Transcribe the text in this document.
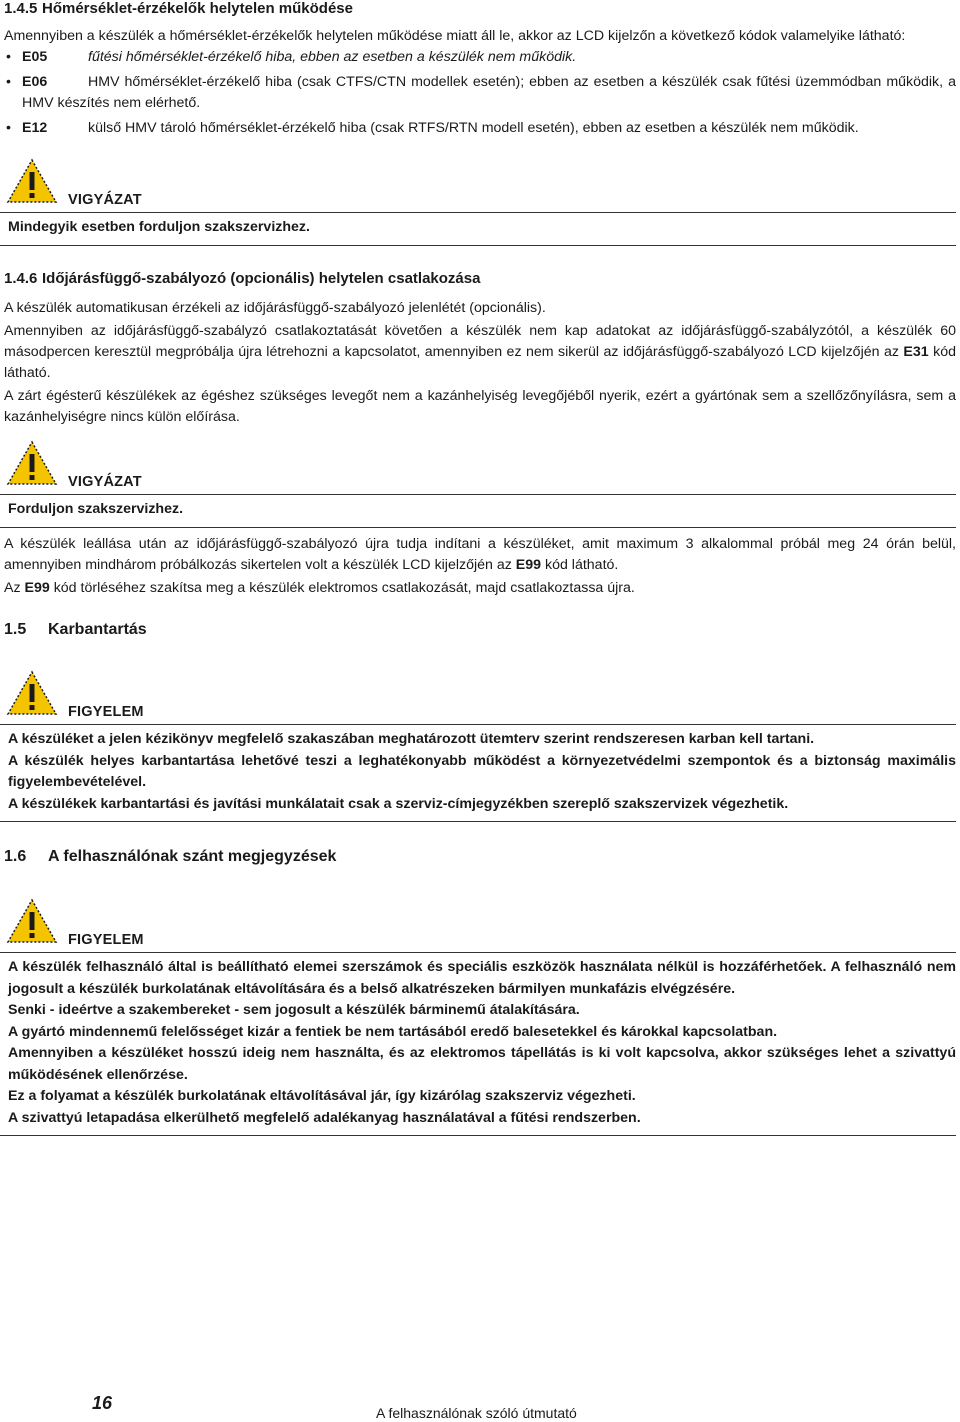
1.4.5 Hőmérséklet-érzékelők helytelen működése

Amennyiben a készülék a hőmérséklet-érzékelők helytelen működése miatt áll le, akkor az LCD kijelzőn a következő kódok valamelyike látható:

• E05	fűtési hőmérséklet-érzékelő hiba, ebben az esetben a készülék nem működik.
• E06	HMV hőmérséklet-érzékelő hiba (csak CTFS/CTN modellek esetén); ebben az esetben a készülék csak fűtési üzemmódban működik, a HMV készítés nem elérhető.
• E12	külső HMV tároló hőmérséklet-érzékelő hiba (csak RTFS/RTN modell esetén), ebben az esetben a készülék nem működik.
VIGYÁZAT

Mindegyik esetben forduljon szakszervizhez.

1.4.6 Időjárásfüggő-szabályozó (opcionális) helytelen csatlakozása

A készülék automatikusan érzékeli az időjárásfüggő-szabályozó jelenlétét (opcionális).

Amennyiben az időjárásfüggő-szabályzó csatlakoztatását követően a készülék nem kap adatokat az időjárásfüggő-szabályzótól, a készülék 60 másodpercen keresztül megpróbálja újra létrehozni a kapcsolatot, amennyiben ez nem sikerül az időjárásfüggő-szabályozó LCD kijelzőjén az E31 kód látható.

A zárt égésterű készülékek az égéshez szükséges levegőt nem a kazánhelyiség levegőjéből nyerik, ezért a gyártónak sem a szellőzőnyílásra, sem a kazánhelyiségre nincs külön előírása.

VIGYÁZAT

Forduljon szakszervizhez.

A készülék leállása után az időjárásfüggő-szabályozó újra tudja indítani a készüléket, amit maximum 3 alkalommal próbál meg 24 órán belül, amennyiben mindhárom próbálkozás sikertelen volt a készülék LCD kijelzőjén az E99 kód látható.

Az E99 kód törléséhez szakítsa meg a készülék elektromos csatlakozását, majd csatlakoztassa újra.

1.5 Karbantartás
FIGYELEM

A készüléket a jelen kézikönyv megfelelő szakaszában meghatározott ütemterv szerint rendszeresen karban kell tartani.

A készülék helyes karbantartása lehetővé teszi a leghatékonyabb működést a környezetvédelmi szempontok és a biztonság maximális figyelembevételével.

A készülékek karbantartási és javítási munkálatait csak a szerviz-címjegyzékben szereplő szakszervizek végezhetik.

1.6 A felhasználónak szánt megjegyzések
FIGYELEM

A készülék felhasználó által is beállítható elemei szerszámok és speciális eszközök használata nélkül is hozzáférhetőek. A felhasználó nem jogosult a készülék burkolatának eltávolítására és a belső alkatrészeken bármilyen munkafázis elvégzésére.

Senki - ideértve a szakembereket - sem jogosult a készülék bárminemű átalakítására.

A gyártó mindennemű felelősséget kizár a fentiek be nem tartásából eredő balesetekkel és károkkal kapcsolatban.

Amennyiben a készüléket hosszú ideig nem használta, és az elektromos tápellátás is ki volt kapcsolva, akkor szükséges lehet a szivattyú működésének ellenőrzése.

Ez a folyamat a készülék burkolatának eltávolításával jár, így kizárólag szakszerviz végezheti.

A szivattyú letapadása elkerülhető megfelelő adalékanyag használatával a fűtési rendszerben.

16	A felhasználónak szóló útmutató
